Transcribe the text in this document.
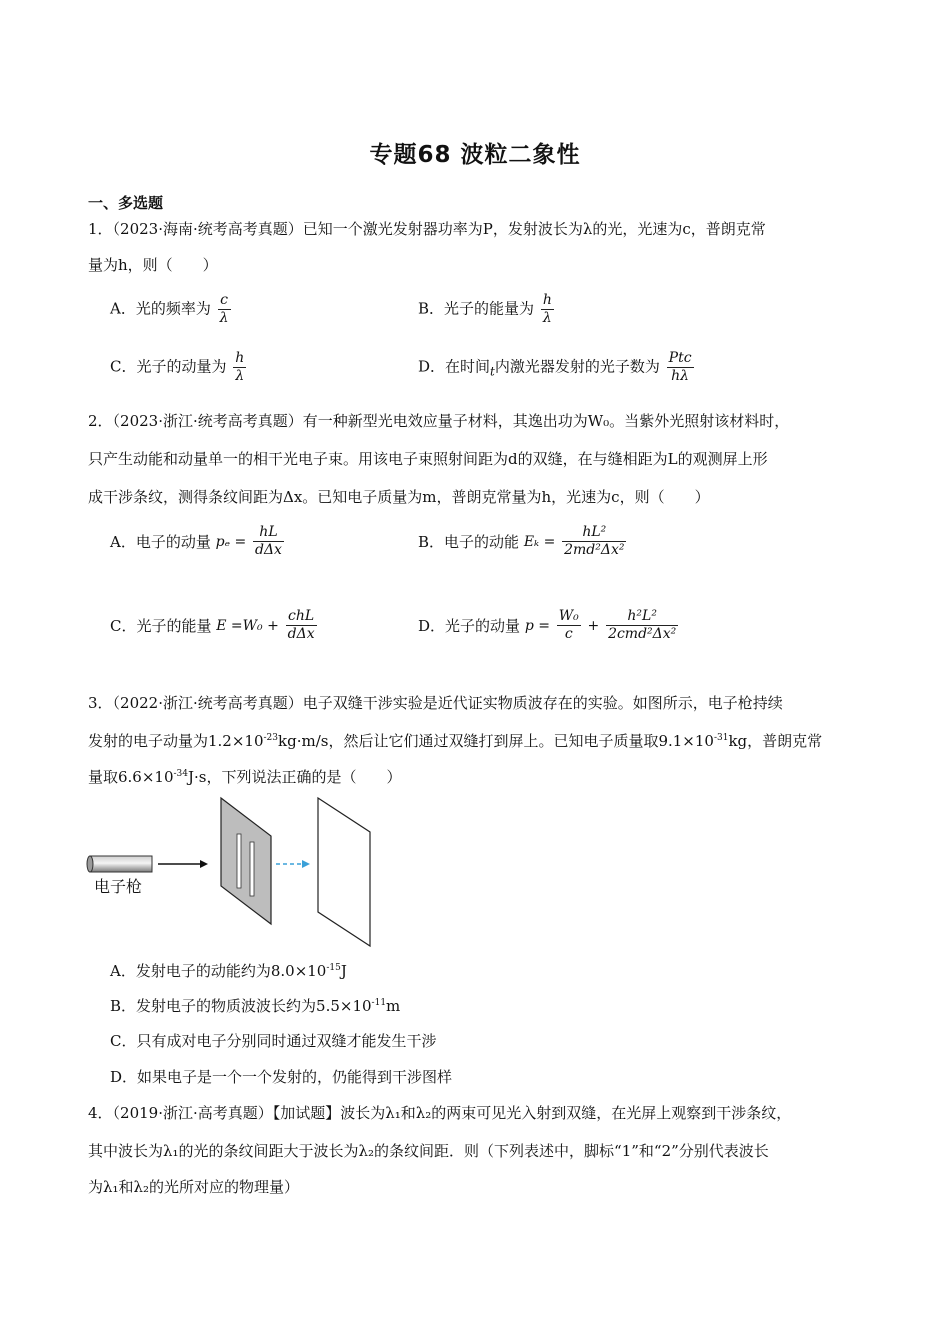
专题68 波粒二象性
一、多选题
1．（2023·海南·统考高考真题）已知一个激光发射器功率为P，发射波长为λ的光，光速为c，普朗克常
量为h，则（　　）
A．光的频率为 $\frac{c}{\lambda}$	B．光子的能量为 $\frac{h}{\lambda}$
C．光子的动量为 $\frac{h}{\lambda}$	D．在时间$_t$内激光器发射的光子数为 $\frac{\text{Ptc}}{h\lambda}$
2．（2023·浙江·统考高考真题）有一种新型光电效应量子材料，其逸出功为W₀。当紫外光照射该材料时，
只产生动能和动量单一的相干光电子束。用该电子束照射间距为d的双缝，在与缝相距为L的观测屏上形
成干涉条纹，测得条纹间距为Δx。已知电子质量为m，普朗克常量为h，光速为c，则（　　）
A．电子的动量 $p_e = \frac{hL}{\text{dΔx}}$	B．电子的动能 $E_k = \frac{\text{hL²}}{\text{2md²Δx²}}$
C．光子的能量 $E =W_0 + \frac{\text{chL}}{\text{dΔx}}$	D．光子的动量 $p = \frac{\text{W₀}}{c} + \frac{\text{h²L²}}{\text{2cmd²Δx²}}$
3．（2022·浙江·统考高考真题）电子双缝干涉实验是近代证实物质波存在的实验。如图所示，电子枪持续
发射的电子动量为$1.2\times 10^{-23}kg\cdot m/s$，然后让它们通过双缝打到屏上。已知电子质量取$9.1\times 10^{-31}kg$，普朗克常
量取$6.6\times 10^{-34}J\cdot s$，下列说法正确的是（　　）
电子枪
A．发射电子的动能约为$8.0\times 10^{-15}J$
B．发射电子的物质波波长约为$5.5\times 10^{-11}m$
C．只有成对电子分别同时通过双缝才能发生干涉
D．如果电子是一个一个发射的，仍能得到干涉图样
4．（2019·浙江·高考真题）【加试题】波长为λ₁和λ₂的两束可见光入射到双缝，在光屏上观察到干涉条纹，
其中波长为λ₁的光的条纹间距大于波长为λ₂的条纹间距．则（下列表述中，脚标“1”和“2”分别代表波长
为λ₁和λ₂的光所对应的物理量）
